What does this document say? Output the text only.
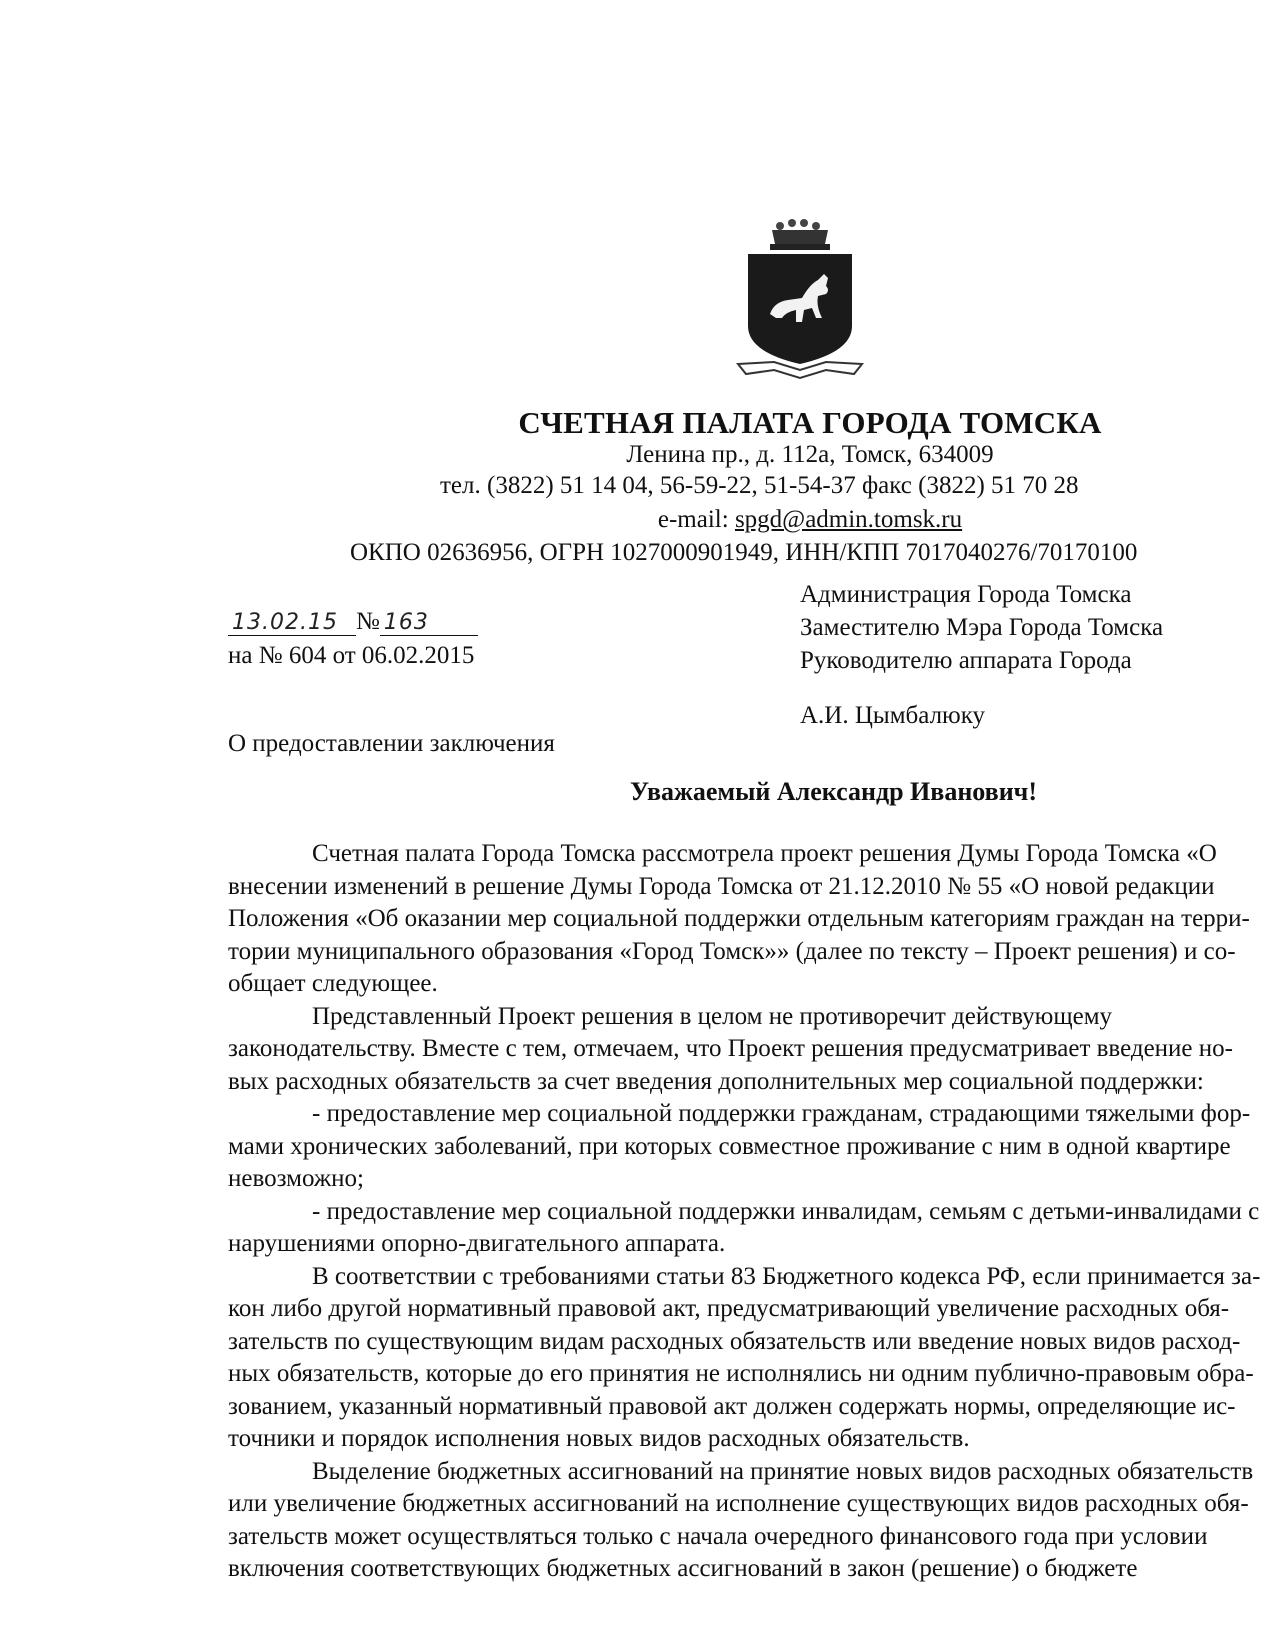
СЧЕТНАЯ ПАЛАТА ГОРОДА ТОМСКА
Ленина пр., д. 112а, Томск, 634009
тел. (3822) 51 14 04, 56-59-22, 51-54-37 факс (3822) 51 70 28
e-mail: spgd@admin.tomsk.ru
ОКПО 02636956, ОГРН 1027000901949, ИНН/КПП 7017040276/70170100
13.02.15 № 163
на № 604 от 06.02.2015
Администрация Города Томска
Заместителю Мэра Города Томска
Руководителю аппарата Города
А.И. Цымбалюку
О предоставлении заключения
Уважаемый Александр Иванович!
Счетная палата Города Томска рассмотрела проект решения Думы Города Томска «О
внесении изменений в решение Думы Города Томска от 21.12.2010 № 55 «О новой редакции
Положения «Об оказании мер социальной поддержки отдельным категориям граждан на терри-
тории муниципального образования «Город Томск»» (далее по тексту – Проект решения) и со-
общает следующее.
Представленный Проект решения в целом не противоречит действующему
законодательству. Вместе с тем, отмечаем, что Проект решения предусматривает введение но-
вых расходных обязательств за счет введения дополнительных мер социальной поддержки:
- предоставление мер социальной поддержки гражданам, страдающими тяжелыми фор-
мами хронических заболеваний, при которых совместное проживание с ним в одной квартире
невозможно;
- предоставление мер социальной поддержки инвалидам, семьям с детьми-инвалидами с
нарушениями опорно-двигательного аппарата.
В соответствии с требованиями статьи 83 Бюджетного кодекса РФ, если принимается за-
кон либо другой нормативный правовой акт, предусматривающий увеличение расходных обя-
зательств по существующим видам расходных обязательств или введение новых видов расход-
ных обязательств, которые до его принятия не исполнялись ни одним публично-правовым обра-
зованием, указанный нормативный правовой акт должен содержать нормы, определяющие ис-
точники и порядок исполнения новых видов расходных обязательств.
Выделение бюджетных ассигнований на принятие новых видов расходных обязательств
или увеличение бюджетных ассигнований на исполнение существующих видов расходных обя-
зательств может осуществляться только с начала очередного финансового года при условии
включения соответствующих бюджетных ассигнований в закон (решение) о бюджете
